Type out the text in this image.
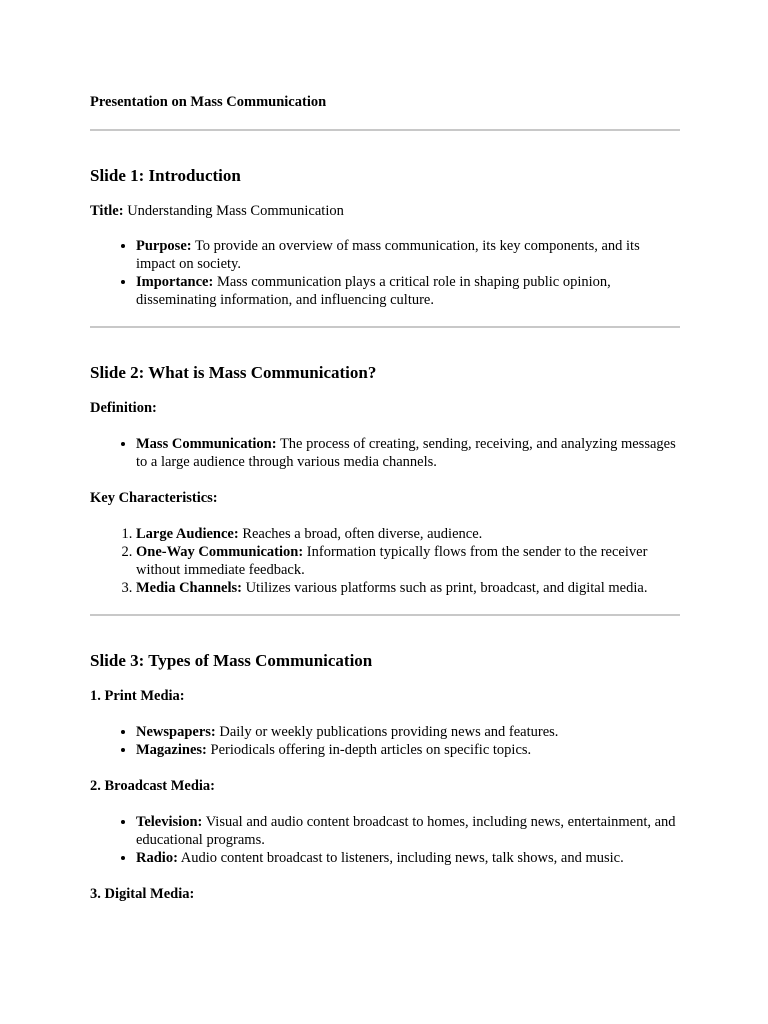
Presentation on Mass Communication

Slide 1: Introduction

Title: Understanding Mass Communication

• Purpose: To provide an overview of mass communication, its key components, and its impact on society.
• Importance: Mass communication plays a critical role in shaping public opinion, disseminating information, and influencing culture.
Slide 2: What is Mass Communication?

Definition:

• Mass Communication: The process of creating, sending, receiving, and analyzing messages to a large audience through various media channels.

Key Characteristics:

1. Large Audience: Reaches a broad, often diverse, audience.
2. One-Way Communication: Information typically flows from the sender to the receiver without immediate feedback.
3. Media Channels: Utilizes various platforms such as print, broadcast, and digital media.
Slide 3: Types of Mass Communication

1. Print Media:

• Newspapers: Daily or weekly publications providing news and features.
• Magazines: Periodicals offering in-depth articles on specific topics.

2. Broadcast Media:

• Television: Visual and audio content broadcast to homes, including news, entertainment, and educational programs.
• Radio: Audio content broadcast to listeners, including news, talk shows, and music.

3. Digital Media:
